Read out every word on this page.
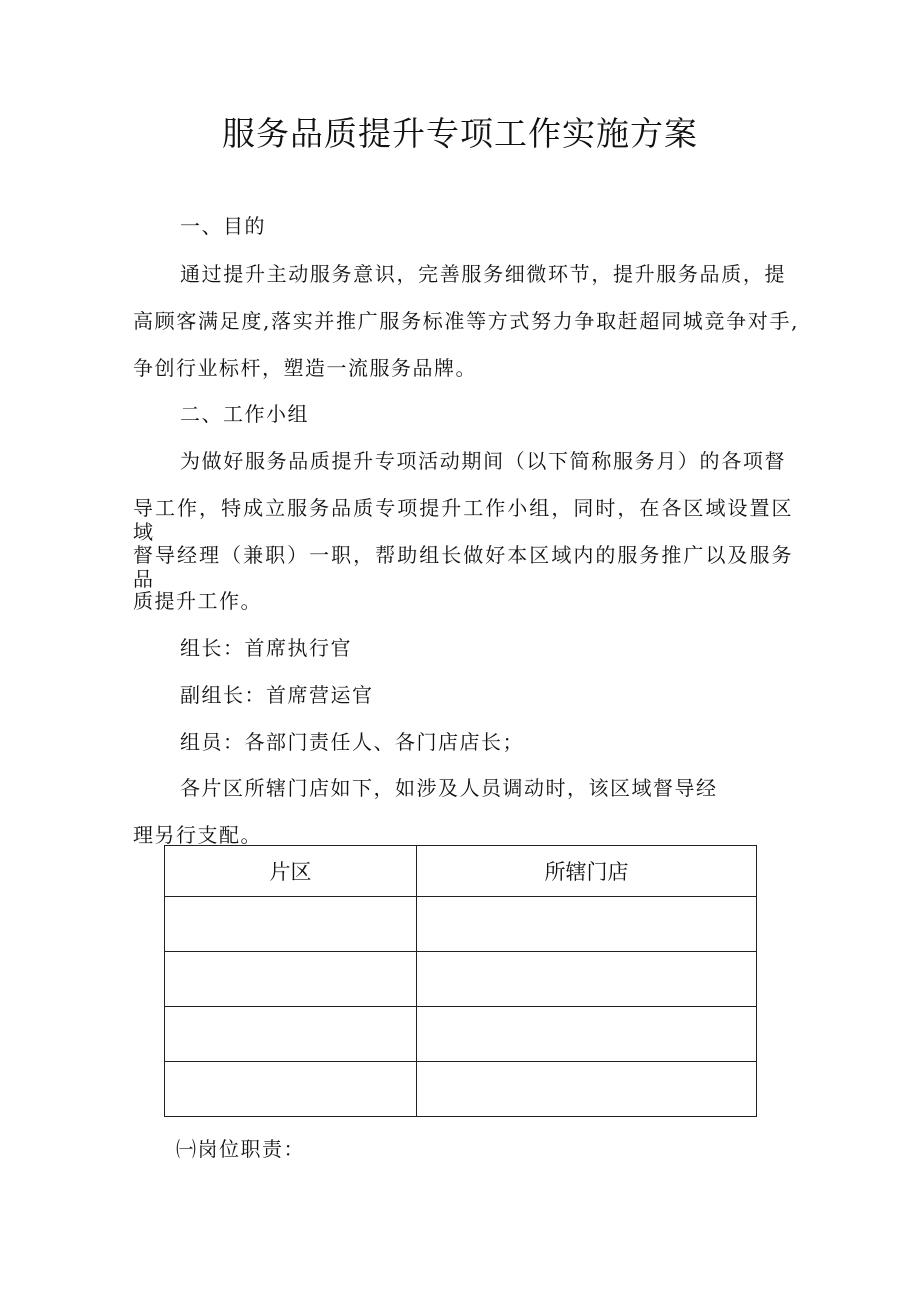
服务品质提升专项工作实施方案
一、目的
通过提升主动服务意识，完善服务细微环节，提升服务品质，提
高顾客满足度,落实并推广服务标准等方式努力争取赶超同城竞争对手,
争创行业标杆，塑造一流服务品牌。
二、工作小组
为做好服务品质提升专项活动期间（以下简称服务月）的各项督
导工作，特成立服务品质专项提升工作小组，同时，在各区域设置区域
督导经理（兼职）一职，帮助组长做好本区域内的服务推广以及服务品
质提升工作。
组长：首席执行官
副组长：首席营运官
组员：各部门责任人、各门店店长；
各片区所辖门店如下，如涉及人员调动时，该区域督导经
理另行支配。
片区	所辖门店

㈠岗位职责：
